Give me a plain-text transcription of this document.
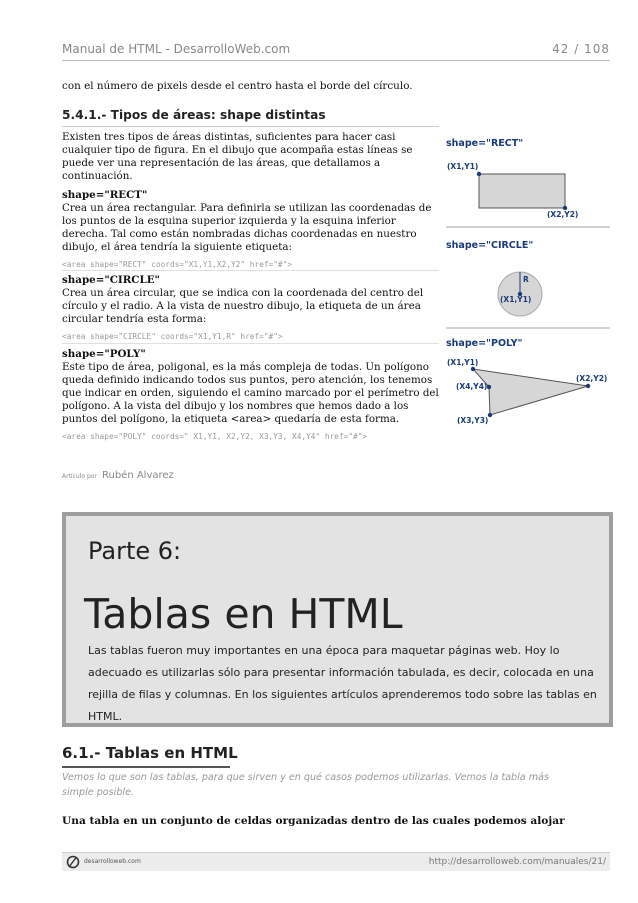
Manual de HTML - DesarrolloWeb.com	42 / 108
con el número de pixels desde el centro hasta el borde del círculo.
5.4.1.- Tipos de áreas: shape distintas

Existen tres tipos de áreas distintas, suficientes para hacer casi cualquier tipo de figura. En el dibujo que acompaña estas líneas se puede ver una representación de las áreas, que detallamos a continuación.

shape="RECT"

Crea un área rectangular. Para definirla se utilizan las coordenadas de los puntos de la esquina superior izquierda y la esquina inferior derecha. Tal como están nombradas dichas coordenadas en nuestro dibujo, el área tendría la siguiente etiqueta:

<area shape="RECT" coords="X1,Y1,X2,Y2" href="#">

shape="CIRCLE"

Crea un área circular, que se indica con la coordenada del centro del círculo y el radio. A la vista de nuestro dibujo, la etiqueta de un área circular tendría esta forma:

<area shape="CIRCLE" coords="X1,Y1,R" href="#">

shape="POLY"

Este tipo de área, poligonal, es la más compleja de todas. Un polígono queda definido indicando todos sus puntos, pero atención, los tenemos que indicar en orden, siguiendo el camino marcado por el perímetro del polígono. A la vista del dibujo y los nombres que hemos dado a los puntos del polígono, la etiqueta <area> quedaría de esta forma.

<area shape="POLY" coords=" X1,Y1, X2,Y2, X3,Y3, X4,Y4" href="#">

Artículo por Rubén Alvarez
shape="RECT"
(X1,Y1)
(X2,Y2)
shape="CIRCLE"
R
(X1,Y1)
shape="POLY"
(X1,Y1)
(X2,Y2)
(X3,Y3)
(X4,Y4)
Parte 6:
Tablas en HTML
Las tablas fueron muy importantes en una época para maquetar páginas web. Hoy lo adecuado es utilizarlas sólo para presentar información tabulada, es decir, colocada en una rejilla de filas y columnas. En los siguientes artículos aprenderemos todo sobre las tablas en HTML.
6.1.- Tablas en HTML
Vemos lo que son las tablas, para que sirven y en qué casos podemos utilizarlas. Vemos la tabla más simple posible.
Una tabla en un conjunto de celdas organizadas dentro de las cuales podemos alojar
desarrolloweb.com	http://desarrolloweb.com/manuales/21/
